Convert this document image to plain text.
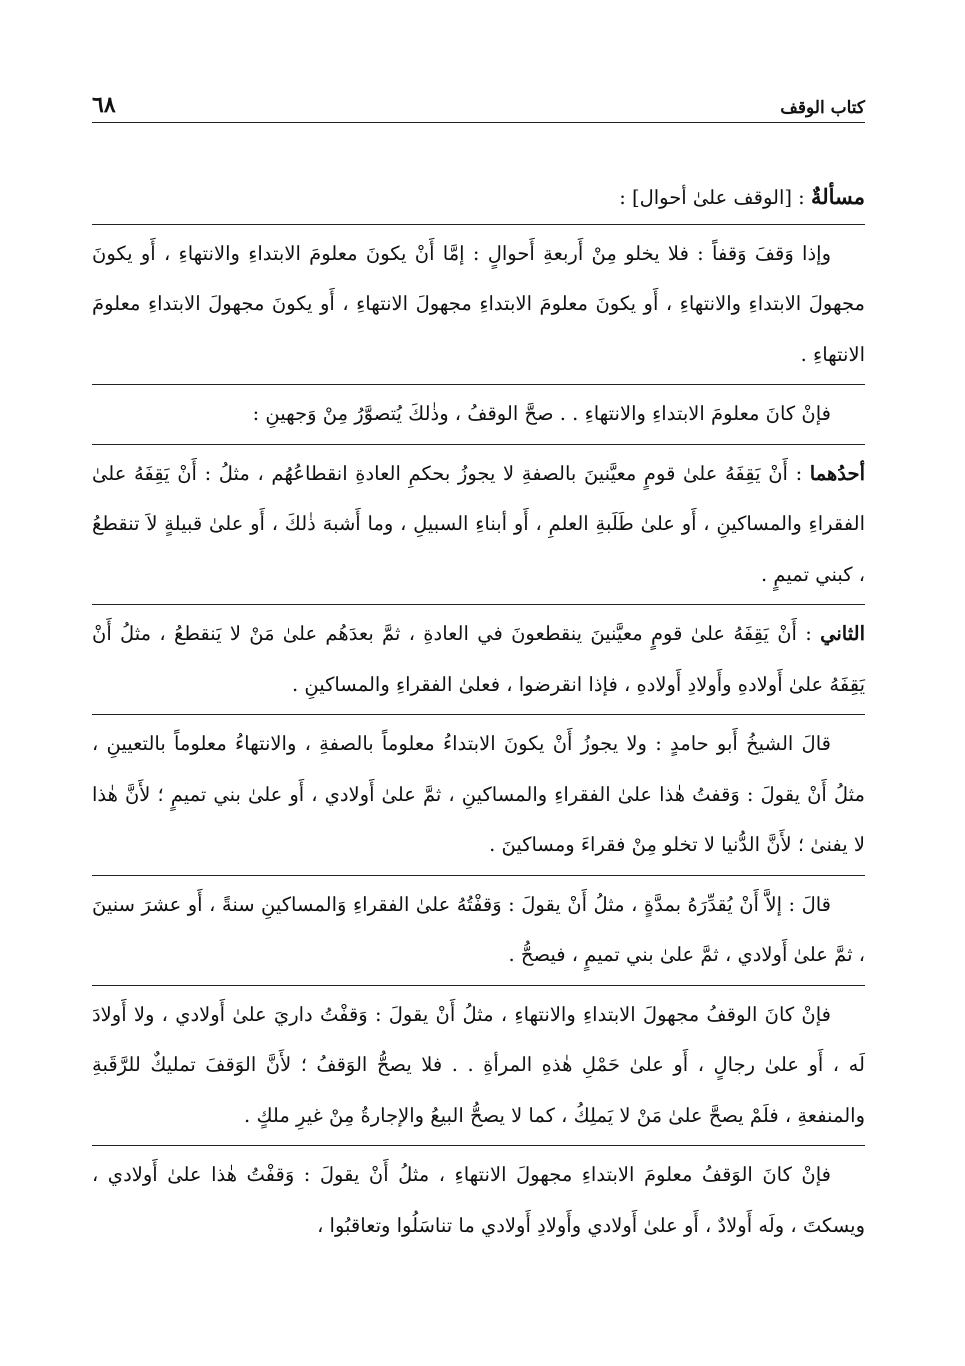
كتاب الوقف
٦٨

مسألةٌ : [الوقف علىٰ أحوال] :

وإذا وَقفَ وَقفاً : فلا يخلو مِنْ أَربعةِ أَحوالٍ : إمَّا أَنْ يكونَ معلومَ الابتداءِ والانتهاءِ ، أَو يكونَ مجهولَ الابتداءِ والانتهاءِ ، أَو يكونَ معلومَ الابتداءِ مجهولَ الانتهاءِ ، أَو يكونَ مجهولَ الابتداءِ معلومَ الانتهاءِ .

فإنْ كانَ معلومَ الابتداءِ والانتهاءِ . . صحَّ الوقفُ ، وذٰلكَ يُتصوَّرُ مِنْ وَجهينِ :

أحدُهما : أَنْ يَقِفَهُ علىٰ قومٍ معيَّنينَ بالصفةِ لا يجوزُ بحكمِ العادةِ انقطاعُهُم ، مثلُ : أَنْ يَقِفَهُ علىٰ الفقراءِ والمساكينِ ، أَو علىٰ طَلَبةِ العلمِ ، أَو أبناءِ السبيلِ ، وما أَشبهَ ذٰلكَ ، أَو علىٰ قبيلةٍ لاَ تنقطعُ ، كبني تميمٍ .

الثاني : أَنْ يَقِفَهُ علىٰ قومٍ معيَّنينَ ينقطعونَ في العادةِ ، ثمَّ بعدَهُم علىٰ مَنْ لا يَنقطعُ ، مثلُ أَنْ يَقِفَهُ علىٰ أَولادهِ وأَولادِ أَولادهِ ، فإذا انقرضوا ، فعلىٰ الفقراءِ والمساكينِ .

قالَ الشيخُ أَبو حامدٍ : ولا يجوزُ أَنْ يكونَ الابتداءُ معلوماً بالصفةِ ، والانتهاءُ معلوماً بالتعيينِ ، مثلُ أَنْ يقولَ : وَقفتُ هٰذا علىٰ الفقراءِ والمساكينِ ، ثمَّ علىٰ أَولادي ، أَو علىٰ بني تميمٍ ؛ لأَنَّ هٰذا لا يفنىٰ ؛ لأَنَّ الدُّنيا لا تخلو مِنْ فقراءَ ومساكينَ .

قالَ : إلاَّ أَنْ يُقدِّرَهُ بمدَّةٍ ، مثلُ أَنْ يقولَ : وَقفْتُهُ علىٰ الفقراءِ وَالمساكينِ سنةً ، أَو عشرَ سنينَ ، ثمَّ علىٰ أَولادي ، ثمَّ علىٰ بني تميمٍ ، فيصحُّ .

فإنْ كانَ الوقفُ مجهولَ الابتداءِ والانتهاءِ ، مثلُ أَنْ يقولَ : وَقفْتُ داريَ علىٰ أَولادي ، ولا أَولادَ لَه ، أَو علىٰ رجالٍ ، أَو علىٰ حَمْلِ هٰذهِ المرأةِ . . فلا يصحُّ الوَقفُ ؛ لأَنَّ الوَقفَ تمليكٌ للرَّقَبةِ والمنفعةِ ، فلَمْ يصحَّ علىٰ مَنْ لا يَملِكُ ، كما لا يصحُّ البيعُ والإجارةُ مِنْ غيرِ ملكٍ .

فإنْ كانَ الوَقفُ معلومَ الابتداءِ مجهولَ الانتهاءِ ، مثلُ أَنْ يقولَ : وَقفْتُ هٰذا علىٰ أَولادي ، ويسكتَ ، ولَه أَولادٌ ، أَو علىٰ أَولادي وأَولادِ أَولادي ما تناسَلُوا وتعاقبُوا ،
